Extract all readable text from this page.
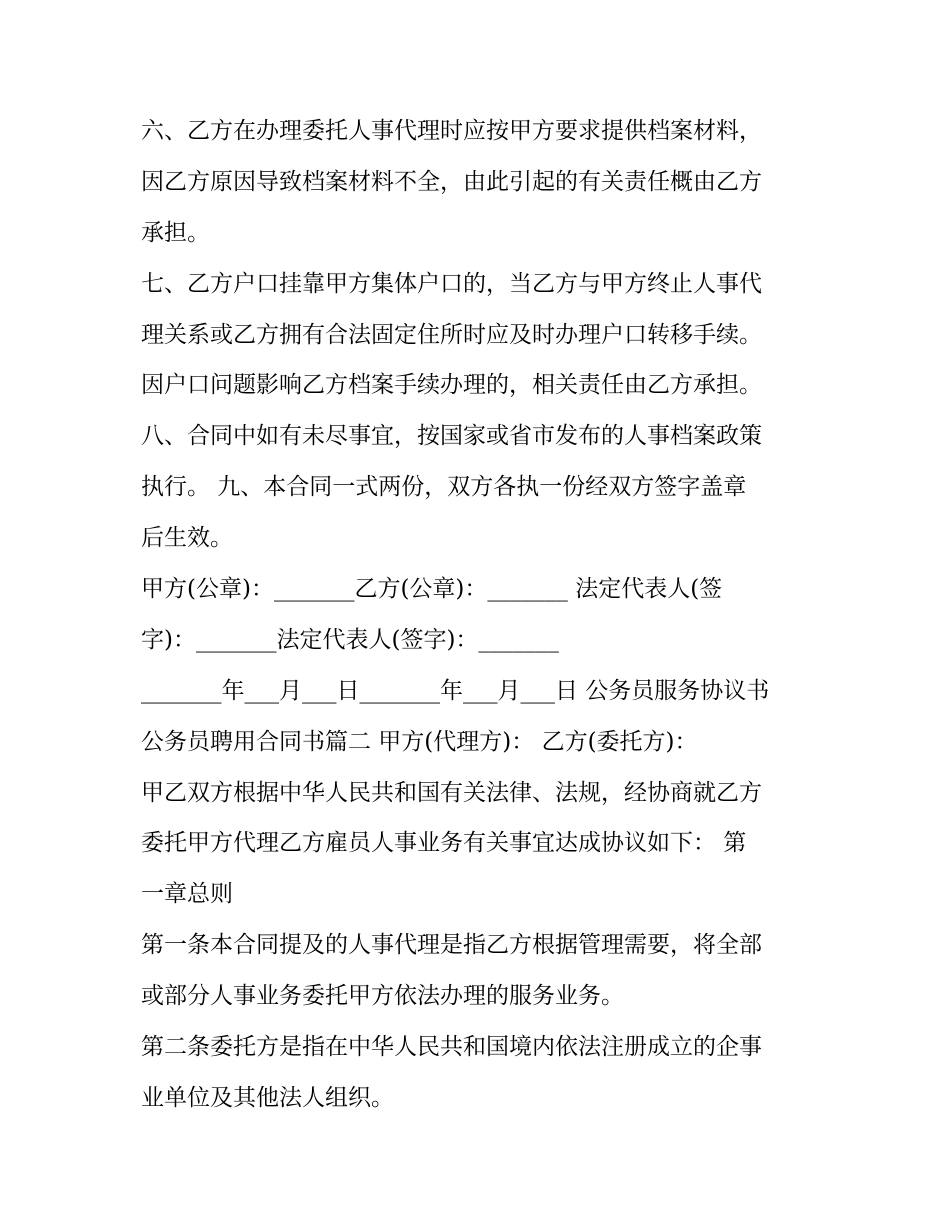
六、乙方在办理委托人事代理时应按甲方要求提供档案材料，
因乙方原因导致档案材料不全，由此引起的有关责任概由乙方
承担。
七、乙方户口挂靠甲方集体户口的，当乙方与甲方终止人事代
理关系或乙方拥有合法固定住所时应及时办理户口转移手续。
因户口问题影响乙方档案手续办理的，相关责任由乙方承担。
八、合同中如有未尽事宜，按国家或省市发布的人事档案政策
执行。 九、本合同一式两份，双方各执一份经双方签字盖章
后生效。
甲方(公章)：_______乙方(公章)：_______ 法定代表人(签
字)：_______法定代表人(签字)：_______
_______年___月___日_______年___月___日 公务员服务协议书
公务员聘用合同书篇二 甲方(代理方)： 乙方(委托方)：
甲乙双方根据中华人民共和国有关法律、法规，经协商就乙方
委托甲方代理乙方雇员人事业务有关事宜达成协议如下： 第
一章总则
第一条本合同提及的人事代理是指乙方根据管理需要，将全部
或部分人事业务委托甲方依法办理的服务业务。
第二条委托方是指在中华人民共和国境内依法注册成立的企事
业单位及其他法人组织。
